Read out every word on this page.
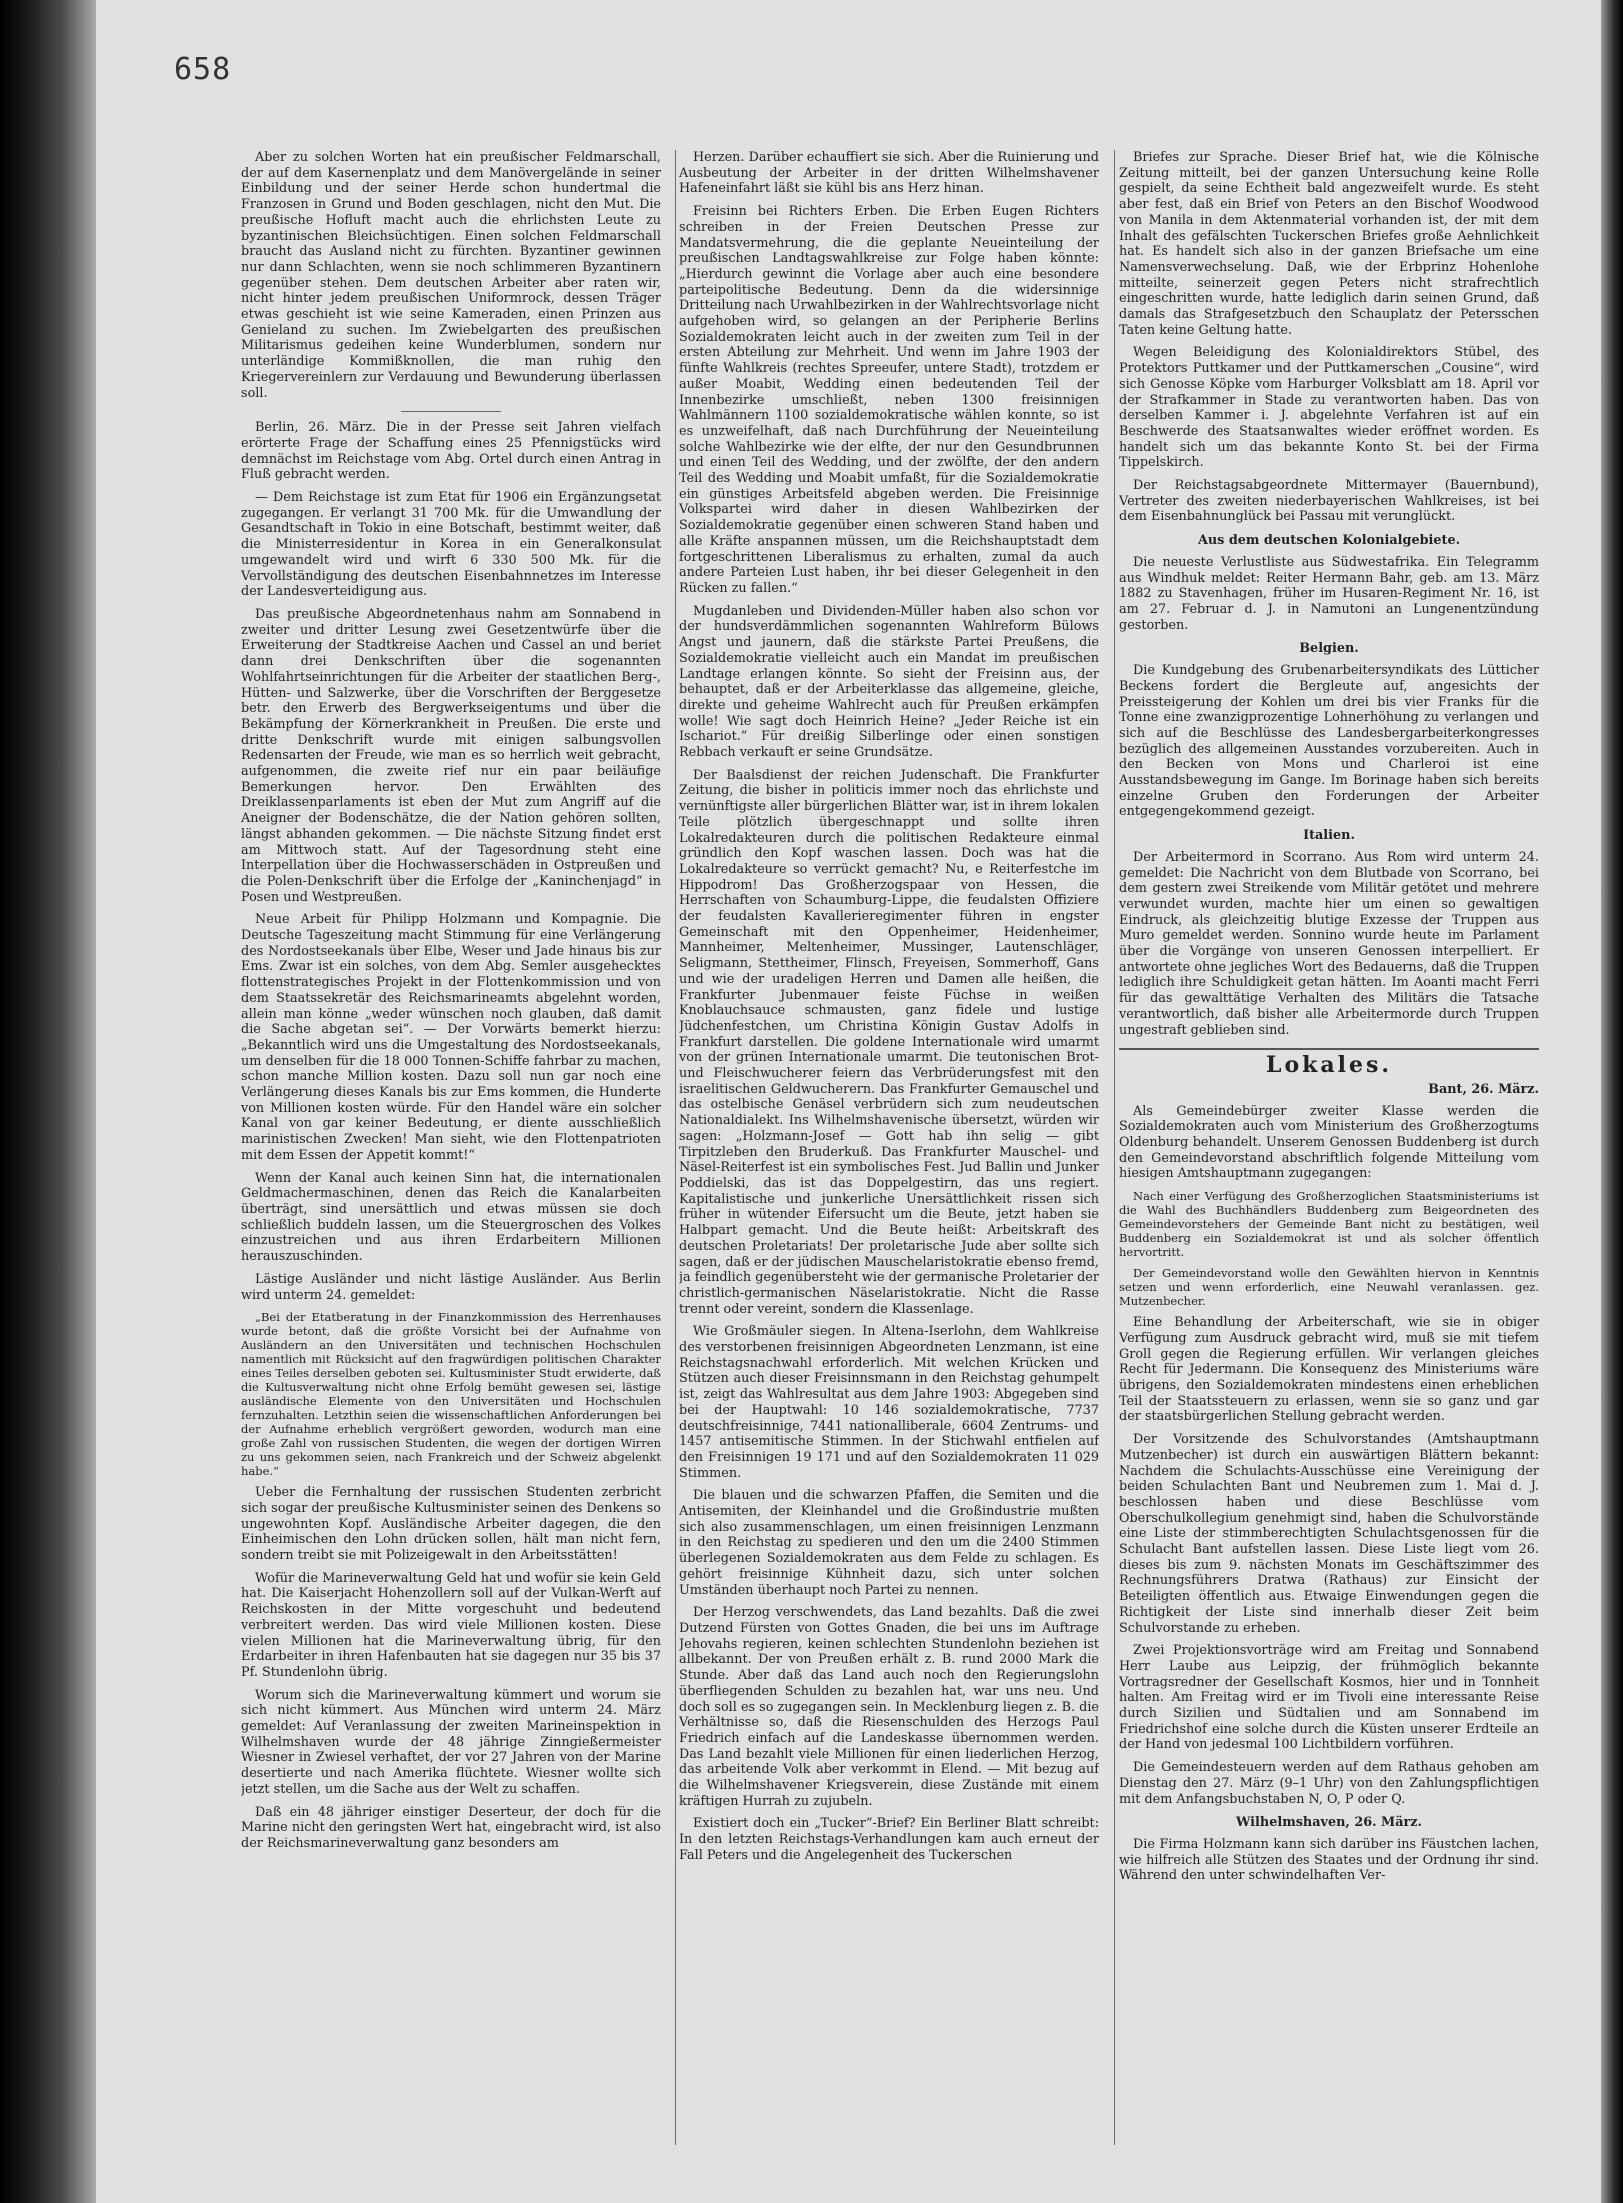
658

Aber zu solchen Worten hat ein preußischer Feldmarschall, der auf dem Kasernenplatz und dem Manövergelände in seiner Einbildung und der seiner Herde schon hundertmal die Franzosen in Grund und Boden geschlagen, nicht den Mut. Die preußische Hofluft macht auch die ehrlichsten Leute zu byzantinischen Bleichsüchtigen. Einen solchen Feldmarschall braucht das Ausland nicht zu fürchten. Byzantiner gewinnen nur dann Schlachten, wenn sie noch schlimmeren Byzantinern gegenüber stehen. Dem deutschen Arbeiter aber raten wir, nicht hinter jedem preußischen Uniformrock, dessen Träger etwas geschieht ist wie seine Kameraden, einen Prinzen aus Genieland zu suchen. Im Zwiebelgarten des preußischen Militarismus gedeihen keine Wunderblumen, sondern nur unterländige Kommißknollen, die man ruhig den Kriegervereinlern zur Verdauung und Bewunderung überlassen soll.

Berlin, 26. März. Die in der Presse seit Jahren vielfach erörterte Frage der Schaffung eines 25 Pfennigstücks wird demnächst im Reichstage vom Abg. Ortel durch einen Antrag in Fluß gebracht werden.

— Dem Reichstage ist zum Etat für 1906 ein Ergänzungsetat zugegangen. Er verlangt 31 700 Mk. für die Umwandlung der Gesandtschaft in Tokio in eine Botschaft, bestimmt weiter, daß die Ministerresidentur in Korea in ein Generalkonsulat umgewandelt wird und wirft 6 330 500 Mk. für die Vervollständigung des deutschen Eisenbahnnetzes im Interesse der Landesverteidigung aus.

Das preußische Abgeordnetenhaus nahm am Sonnabend in zweiter und dritter Lesung zwei Gesetzentwürfe über die Erweiterung der Stadtkreise Aachen und Cassel an und beriet dann drei Denkschriften über die sogenannten Wohlfahrtseinrichtungen für die Arbeiter der staatlichen Berg-, Hütten- und Salzwerke, über die Vorschriften der Berggesetze betr. den Erwerb des Bergwerkseigentums und über die Bekämpfung der Körnerkrankheit in Preußen. Die erste und dritte Denkschrift wurde mit einigen salbungsvollen Redensarten der Freude, wie man es so herrlich weit gebracht, aufgenommen, die zweite rief nur ein paar beiläufige Bemerkungen hervor. Den Erwählten des Dreiklassenparlaments ist eben der Mut zum Angriff auf die Aneigner der Bodenschätze, die der Nation gehören sollten, längst abhanden gekommen. — Die nächste Sitzung findet erst am Mittwoch statt. Auf der Tagesordnung steht eine Interpellation über die Hochwasserschäden in Ostpreußen und die Polen-Denkschrift über die Erfolge der „Kaninchenjagd“ in Posen und Westpreußen.

Neue Arbeit für Philipp Holzmann und Kompagnie. Die Deutsche Tageszeitung macht Stimmung für eine Verlängerung des Nordostseekanals über Elbe, Weser und Jade hinaus bis zur Ems. Zwar ist ein solches, von dem Abg. Semler ausgehecktes flottenstrategisches Projekt in der Flottenkommission und von dem Staatssekretär des Reichsmarineamts abgelehnt worden, allein man könne „weder wünschen noch glauben, daß damit die Sache abgetan sei“. — Der Vorwärts bemerkt hierzu: „Bekanntlich wird uns die Umgestaltung des Nordostseekanals, um denselben für die 18 000 Tonnen-Schiffe fahrbar zu machen, schon manche Million kosten. Dazu soll nun gar noch eine Verlängerung dieses Kanals bis zur Ems kommen, die Hunderte von Millionen kosten würde. Für den Handel wäre ein solcher Kanal von gar keiner Bedeutung, er diente ausschließlich marinistischen Zwecken! Man sieht, wie den Flottenpatrioten mit dem Essen der Appetit kommt!“

Wenn der Kanal auch keinen Sinn hat, die internationalen Geldmachermaschinen, denen das Reich die Kanalarbeiten überträgt, sind unersättlich und etwas müssen sie doch schließlich buddeln lassen, um die Steuergroschen des Volkes einzustreichen und aus ihren Erdarbeitern Millionen herauszuschinden.

Lästige Ausländer und nicht lästige Ausländer. Aus Berlin wird unterm 24. gemeldet:

„Bei der Etatberatung in der Finanzkommission des Herrenhauses wurde betont, daß die größte Vorsicht bei der Aufnahme von Ausländern an den Universitäten und technischen Hochschulen namentlich mit Rücksicht auf den fragwürdigen politischen Charakter eines Teiles derselben geboten sei. Kultusminister Studt erwiderte, daß die Kultusverwaltung nicht ohne Erfolg bemüht gewesen sei, lästige ausländische Elemente von den Universitäten und Hochschulen fernzuhalten. Letzthin seien die wissenschaftlichen Anforderungen bei der Aufnahme erheblich vergrößert geworden, wodurch man eine große Zahl von russischen Studenten, die wegen der dortigen Wirren zu uns gekommen seien, nach Frankreich und der Schweiz abgelenkt habe.“

Ueber die Fernhaltung der russischen Studenten zerbricht sich sogar der preußische Kultusminister seinen des Denkens so ungewohnten Kopf. Ausländische Arbeiter dagegen, die den Einheimischen den Lohn drücken sollen, hält man nicht fern, sondern treibt sie mit Polizeigewalt in den Arbeitsstätten!

Wofür die Marineverwaltung Geld hat und wofür sie kein Geld hat. Die Kaiserjacht Hohenzollern soll auf der Vulkan-Werft auf Reichskosten in der Mitte vorgeschuht und bedeutend verbreitert werden. Das wird viele Millionen kosten. Diese vielen Millionen hat die Marineverwaltung übrig, für den Erdarbeiter in ihren Hafenbauten hat sie dagegen nur 35 bis 37 Pf. Stundenlohn übrig.

Worum sich die Marineverwaltung kümmert und worum sie sich nicht kümmert. Aus München wird unterm 24. März gemeldet: Auf Veranlassung der zweiten Marineinspektion in Wilhelmshaven wurde der 48 jährige Zinngießermeister Wiesner in Zwiesel verhaftet, der vor 27 Jahren von der Marine desertierte und nach Amerika flüchtete. Wiesner wollte sich jetzt stellen, um die Sache aus der Welt zu schaffen.

Daß ein 48 jähriger einstiger Deserteur, der doch für die Marine nicht den geringsten Wert hat, eingebracht wird, ist also der Reichsmarineverwaltung ganz besonders am

Herzen. Darüber echauffiert sie sich. Aber die Ruinierung und Ausbeutung der Arbeiter in der dritten Wilhelmshavener Hafeneinfahrt läßt sie kühl bis ans Herz hinan.

Freisinn bei Richters Erben. Die Erben Eugen Richters schreiben in der Freien Deutschen Presse zur Mandatsvermehrung, die die geplante Neueinteilung der preußischen Landtagswahlkreise zur Folge haben könnte: „Hierdurch gewinnt die Vorlage aber auch eine besondere parteipolitische Bedeutung. Denn da die widersinnige Dritteilung nach Urwahlbezirken in der Wahlrechtsvorlage nicht aufgehoben wird, so gelangen an der Peripherie Berlins Sozialdemokraten leicht auch in der zweiten zum Teil in der ersten Abteilung zur Mehrheit. Und wenn im Jahre 1903 der fünfte Wahlkreis (rechtes Spreeufer, untere Stadt), trotzdem er außer Moabit, Wedding einen bedeutenden Teil der Innenbezirke umschließt, neben 1300 freisinnigen Wahlmännern 1100 sozialdemokratische wählen konnte, so ist es unzweifelhaft, daß nach Durchführung der Neueinteilung solche Wahlbezirke wie der elfte, der nur den Gesundbrunnen und einen Teil des Wedding, und der zwölfte, der den andern Teil des Wedding und Moabit umfaßt, für die Sozialdemokratie ein günstiges Arbeitsfeld abgeben werden. Die Freisinnige Volkspartei wird daher in diesen Wahlbezirken der Sozialdemokratie gegenüber einen schweren Stand haben und alle Kräfte anspannen müssen, um die Reichshauptstadt dem fortgeschrittenen Liberalismus zu erhalten, zumal da auch andere Parteien Lust haben, ihr bei dieser Gelegenheit in den Rücken zu fallen.“

Mugdanleben und Dividenden-Müller haben also schon vor der hundsverdämmlichen sogenannten Wahlreform Bülows Angst und jaunern, daß die stärkste Partei Preußens, die Sozialdemokratie vielleicht auch ein Mandat im preußischen Landtage erlangen könnte. So sieht der Freisinn aus, der behauptet, daß er der Arbeiterklasse das allgemeine, gleiche, direkte und geheime Wahlrecht auch für Preußen erkämpfen wolle! Wie sagt doch Heinrich Heine? „Jeder Reiche ist ein Ischariot.“ Für dreißig Silberlinge oder einen sonstigen Rebbach verkauft er seine Grundsätze.

Der Baalsdienst der reichen Judenschaft. Die Frankfurter Zeitung, die bisher in politicis immer noch das ehrlichste und vernünftigste aller bürgerlichen Blätter war, ist in ihrem lokalen Teile plötzlich übergeschnappt und sollte ihren Lokalredakteuren durch die politischen Redakteure einmal gründlich den Kopf waschen lassen. Doch was hat die Lokalredakteure so verrückt gemacht? Nu, e Reiterfestche im Hippodrom! Das Großherzogspaar von Hessen, die Herrschaften von Schaumburg-Lippe, die feudalsten Offiziere der feudalsten Kavallerieregimenter führen in engster Gemeinschaft mit den Oppenheimer, Heidenheimer, Mannheimer, Meltenheimer, Mussinger, Lautenschläger, Seligmann, Stettheimer, Flinsch, Freyeisen, Sommerhoff, Gans und wie der uradeligen Herren und Damen alle heißen, die Frankfurter Jubenmauer feiste Füchse in weißen Knoblauchsauce schmausten, ganz fidele und lustige Jüdchenfestchen, um Christina Königin Gustav Adolfs in Frankfurt darstellen. Die goldene Internationale wird umarmt von der grünen Internationale umarmt. Die teutonischen Brot- und Fleischwucherer feiern das Verbrüderungsfest mit den israelitischen Geldwucherern. Das Frankfurter Gemauschel und das ostelbische Genäsel verbrüdern sich zum neudeutschen Nationaldialekt. Ins Wilhelmshavenische übersetzt, würden wir sagen: „Holzmann-Josef — Gott hab ihn selig — gibt Tirpitzleben den Bruderkuß. Das Frankfurter Mauschel- und Näsel-Reiterfest ist ein symbolisches Fest. Jud Ballin und Junker Poddielski, das ist das Doppelgestirn, das uns regiert. Kapitalistische und junkerliche Unersättlichkeit rissen sich früher in wütender Eifersucht um die Beute, jetzt haben sie Halbpart gemacht. Und die Beute heißt: Arbeitskraft des deutschen Proletariats! Der proletarische Jude aber sollte sich sagen, daß er der jüdischen Mauschelaristokratie ebenso fremd, ja feindlich gegenübersteht wie der germanische Proletarier der christlich-germanischen Näselaristokratie. Nicht die Rasse trennt oder vereint, sondern die Klassenlage.

Wie Großmäuler siegen. In Altena-Iserlohn, dem Wahlkreise des verstorbenen freisinnigen Abgeordneten Lenzmann, ist eine Reichstagsnachwahl erforderlich. Mit welchen Krücken und Stützen auch dieser Freisinnsmann in den Reichstag gehumpelt ist, zeigt das Wahlresultat aus dem Jahre 1903: Abgegeben sind bei der Hauptwahl: 10 146 sozialdemokratische, 7737 deutschfreisinnige, 7441 nationalliberale, 6604 Zentrums- und 1457 antisemitische Stimmen. In der Stichwahl entfielen auf den Freisinnigen 19 171 und auf den Sozialdemokraten 11 029 Stimmen.

Die blauen und die schwarzen Pfaffen, die Semiten und die Antisemiten, der Kleinhandel und die Großindustrie mußten sich also zusammenschlagen, um einen freisinnigen Lenzmann in den Reichstag zu spedieren und den um die 2400 Stimmen überlegenen Sozialdemokraten aus dem Felde zu schlagen. Es gehört freisinnige Kühnheit dazu, sich unter solchen Umständen überhaupt noch Partei zu nennen.

Der Herzog verschwendets, das Land bezahlts. Daß die zwei Dutzend Fürsten von Gottes Gnaden, die bei uns im Auftrage Jehovahs regieren, keinen schlechten Stundenlohn beziehen ist allbekannt. Der von Preußen erhält z. B. rund 2000 Mark die Stunde. Aber daß das Land auch noch den Regierungslohn überfliegenden Schulden zu bezahlen hat, war uns neu. Und doch soll es so zugegangen sein. In Mecklenburg liegen z. B. die Verhältnisse so, daß die Riesenschulden des Herzogs Paul Friedrich einfach auf die Landeskasse übernommen werden. Das Land bezahlt viele Millionen für einen liederlichen Herzog, das arbeitende Volk aber verkommt in Elend. — Mit bezug auf die Wilhelmshavener Kriegsverein, diese Zustände mit einem kräftigen Hurrah zu zujubeln.

Existiert doch ein „Tucker“-Brief? Ein Berliner Blatt schreibt: In den letzten Reichstags-Verhandlungen kam auch erneut der Fall Peters und die Angelegenheit des Tuckerschen

Briefes zur Sprache. Dieser Brief hat, wie die Kölnische Zeitung mitteilt, bei der ganzen Untersuchung keine Rolle gespielt, da seine Echtheit bald angezweifelt wurde. Es steht aber fest, daß ein Brief von Peters an den Bischof Woodwood von Manila in dem Aktenmaterial vorhanden ist, der mit dem Inhalt des gefälschten Tuckerschen Briefes große Aehnlichkeit hat. Es handelt sich also in der ganzen Briefsache um eine Namensverwechselung. Daß, wie der Erbprinz Hohenlohe mitteilte, seinerzeit gegen Peters nicht strafrechtlich eingeschritten wurde, hatte lediglich darin seinen Grund, daß damals das Strafgesetzbuch den Schauplatz der Petersschen Taten keine Geltung hatte.

Wegen Beleidigung des Kolonialdirektors Stübel, des Protektors Puttkamer und der Puttkamerschen „Cousine“, wird sich Genosse Köpke vom Harburger Volksblatt am 18. April vor der Strafkammer in Stade zu verantworten haben. Das von derselben Kammer i. J. abgelehnte Verfahren ist auf ein Beschwerde des Staatsanwaltes wieder eröffnet worden. Es handelt sich um das bekannte Konto St. bei der Firma Tippelskirch.

Der Reichstagsabgeordnete Mittermayer (Bauernbund), Vertreter des zweiten niederbayerischen Wahlkreises, ist bei dem Eisenbahnunglück bei Passau mit verunglückt.

Aus dem deutschen Kolonialgebiete.

Die neueste Verlustliste aus Südwestafrika. Ein Telegramm aus Windhuk meldet: Reiter Hermann Bahr, geb. am 13. März 1882 zu Stavenhagen, früher im Husaren-Regiment Nr. 16, ist am 27. Februar d. J. in Namutoni an Lungenentzündung gestorben.

Belgien.

Die Kundgebung des Grubenarbeitersyndikats des Lütticher Beckens fordert die Bergleute auf, angesichts der Preissteigerung der Kohlen um drei bis vier Franks für die Tonne eine zwanzigprozentige Lohnerhöhung zu verlangen und sich auf die Beschlüsse des Landesbergarbeiterkongresses bezüglich des allgemeinen Ausstandes vorzubereiten. Auch in den Becken von Mons und Charleroi ist eine Ausstandsbewegung im Gange. Im Borinage haben sich bereits einzelne Gruben den Forderungen der Arbeiter entgegengekommend gezeigt.

Italien.

Der Arbeitermord in Scorrano. Aus Rom wird unterm 24. gemeldet: Die Nachricht von dem Blutbade von Scorrano, bei dem gestern zwei Streikende vom Militär getötet und mehrere verwundet wurden, machte hier um einen so gewaltigen Eindruck, als gleichzeitig blutige Exzesse der Truppen aus Muro gemeldet werden. Sonnino wurde heute im Parlament über die Vorgänge von unseren Genossen interpelliert. Er antwortete ohne jegliches Wort des Bedauerns, daß die Truppen lediglich ihre Schuldigkeit getan hätten. Im Aoanti macht Ferri für das gewalttätige Verhalten des Militärs die Tatsache verantwortlich, daß bisher alle Arbeitermorde durch Truppen ungestraft geblieben sind.

Lokales.
Bant, 26. März.

Als Gemeindebürger zweiter Klasse werden die Sozialdemokraten auch vom Ministerium des Großherzogtums Oldenburg behandelt. Unserem Genossen Buddenberg ist durch den Gemeindevorstand abschriftlich folgende Mitteilung vom hiesigen Amtshauptmann zugegangen:

Nach einer Verfügung des Großherzoglichen Staatsministeriums ist die Wahl des Buchhändlers Buddenberg zum Beigeordneten des Gemeindevorstehers der Gemeinde Bant nicht zu bestätigen, weil Buddenberg ein Sozialdemokrat ist und als solcher öffentlich hervortritt.

Der Gemeindevorstand wolle den Gewählten hiervon in Kenntnis setzen und wenn erforderlich, eine Neuwahl veranlassen. gez. Mutzenbecher.

Eine Behandlung der Arbeiterschaft, wie sie in obiger Verfügung zum Ausdruck gebracht wird, muß sie mit tiefem Groll gegen die Regierung erfüllen. Wir verlangen gleiches Recht für Jedermann. Die Konsequenz des Ministeriums wäre übrigens, den Sozialdemokraten mindestens einen erheblichen Teil der Staatssteuern zu erlassen, wenn sie so ganz und gar der staatsbürgerlichen Stellung gebracht werden.

Der Vorsitzende des Schulvorstandes (Amtshauptmann Mutzenbecher) ist durch ein auswärtigen Blättern bekannt: Nachdem die Schulachts-Ausschüsse eine Vereinigung der beiden Schulachten Bant und Neubremen zum 1. Mai d. J. beschlossen haben und diese Beschlüsse vom Oberschulkollegium genehmigt sind, haben die Schulvorstände eine Liste der stimmberechtigten Schulachtsgenossen für die Schulacht Bant aufstellen lassen. Diese Liste liegt vom 26. dieses bis zum 9. nächsten Monats im Geschäftszimmer des Rechnungsführers Dratwa (Rathaus) zur Einsicht der Beteiligten öffentlich aus. Etwaige Einwendungen gegen die Richtigkeit der Liste sind innerhalb dieser Zeit beim Schulvorstande zu erheben.

Zwei Projektionsvorträge wird am Freitag und Sonnabend Herr Laube aus Leipzig, der frühmöglich bekannte Vortragsredner der Gesellschaft Kosmos, hier und in Tonnheit halten. Am Freitag wird er im Tivoli eine interessante Reise durch Sizilien und Südtalien und am Sonnabend im Friedrichshof eine solche durch die Küsten unserer Erdteile an der Hand von jedesmal 100 Lichtbildern vorführen.

Die Gemeindesteuern werden auf dem Rathaus gehoben am Dienstag den 27. März (9–1 Uhr) von den Zahlungspflichtigen mit dem Anfangsbuchstaben N, O, P oder Q.

Wilhelmshaven, 26. März.

Die Firma Holzmann kann sich darüber ins Fäustchen lachen, wie hilfreich alle Stützen des Staates und der Ordnung ihr sind. Während den unter schwindelhaften Ver-
